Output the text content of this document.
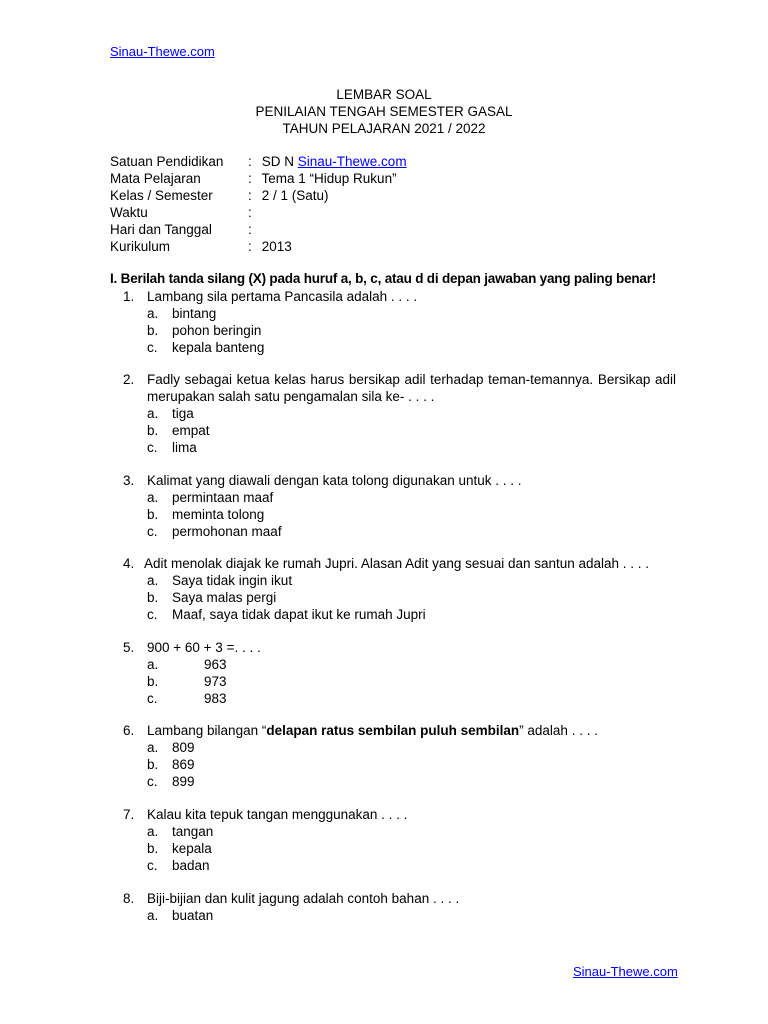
Sinau-Thewe.com
LEMBAR SOAL
PENILAIAN TENGAH SEMESTER GASAL
TAHUN PELAJARAN 2021 / 2022
Satuan Pendidikan	: SD N Sinau-Thewe.com
Mata Pelajaran	: Tema 1 “Hidup Rukun”
Kelas / Semester	: 2 / 1 (Satu)
Waktu	:
Hari dan Tanggal	:
Kurikulum	: 2013
I. Berilah tanda silang (X) pada huruf a, b, c, atau d di depan jawaban yang paling benar!
1. Lambang sila pertama Pancasila adalah . . . .
a.	bintang
b.	pohon beringin
c.	kepala banteng
2. Fadly sebagai ketua kelas harus bersikap adil terhadap teman-temannya. Bersikap adil
merupakan salah satu pengamalan sila ke- . . . .
a.	tiga
b.	empat
c.	lima
3. Kalimat yang diawali dengan kata tolong digunakan untuk . . . .
a.	permintaan maaf
b.	meminta tolong
c.	permohonan maaf
4. Adit menolak diajak ke rumah Jupri. Alasan Adit yang sesuai dan santun adalah . . . .
a.	Saya tidak ingin ikut
b.	Saya malas pergi
c.	Maaf, saya tidak dapat ikut ke rumah Jupri
5. 900 + 60 + 3 =. . . .
a.	963
b.	973
c.	983
6. Lambang bilangan “delapan ratus sembilan puluh sembilan” adalah . . . .
a.	809
b.	869
c.	899
7. Kalau kita tepuk tangan menggunakan . . . .
a.	tangan
b.	kepala
c.	badan
8. Biji-bijian dan kulit jagung adalah contoh bahan . . . .
a.	buatan
Sinau-Thewe.com
